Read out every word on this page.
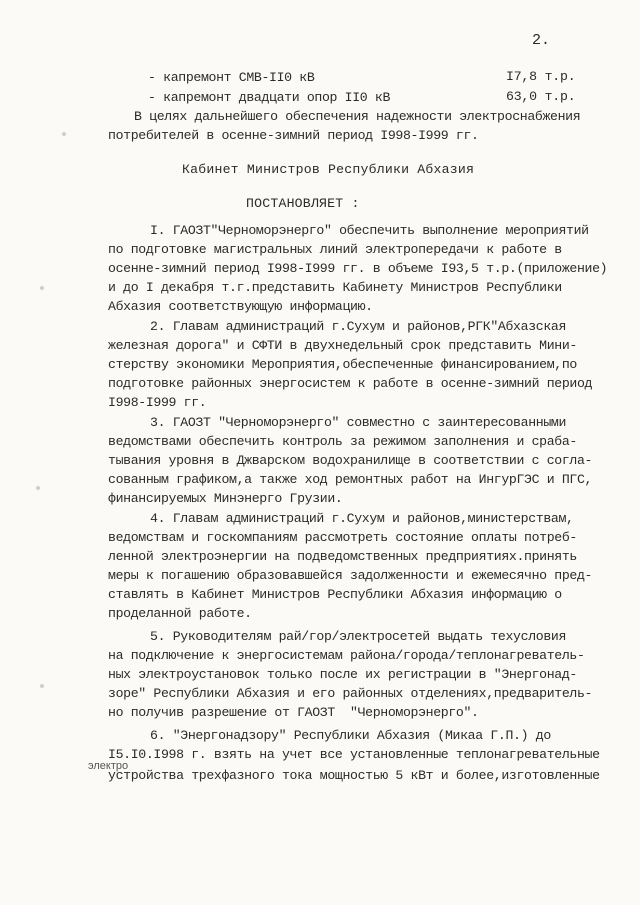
2.
- капремонт СМВ-II0 кВ	I7,8 т.р.
- капремонт двадцати опор II0 кВ	63,0 т.р.
В целях дальнейшего обеспечения надежности электроснабжения
потребителей в осенне-зимний период I998-I999 гг.
Кабинет Министров Республики Абхазия
ПОСТАНОВЛЯЕТ :
I. ГАОЗТ"Черноморэнерго" обеспечить выполнение мероприятий
по подготовке магистральных линий электропередачи к работе в
осенне-зимний период I998-I999 гг. в объеме I93,5 т.р.(приложение)
и до I декабря т.г.представить Кабинету Министров Республики
Абхазия соответствующую информацию.
2. Главам администраций г.Сухум и районов,РГК"Абхазская
железная дорога" и СФТИ в двухнедельный срок представить Мини-
стерству экономики Мероприятия,обеспеченные финансированием,по
подготовке районных энергосистем к работе в осенне-зимний период
I998-I999 гг.
3. ГАОЗТ "Черноморэнерго" совместно с заинтересованными
ведомствами обеспечить контроль за режимом заполнения и сраба-
тывания уровня в Джварском водохранилище в соответствии с согла-
сованным графиком,а также ход ремонтных работ на ИнгурГЭС и ПГС,
финансируемых Минэнерго Грузии.
4. Главам администраций г.Сухум и районов,министерствам,
ведомствам и госкомпаниям рассмотреть состояние оплаты потреб-
ленной электроэнергии на подведомственных предприятиях.принять
меры к погашению образовавшейся задолженности и ежемесячно пред-
ставлять в Кабинет Министров Республики Абхазия информацию о
проделанной работе.
5. Руководителям рай/гор/электросетей выдать техусловия
на подключение к энергосистемам района/города/теплонагреватель-
ных электроустановок только после их регистрации в "Энергонад-
зоре" Республики Абхазия и его районных отделениях,предваритель-
но получив разрешение от ГАОЗТ  "Черноморэнерго".
6. "Энергонадзору" Республики Абхазия (Микаа Г.П.) до
I5.I0.I998 г. взять на учет все установленные теплонагревательные
электро
устройства трехфазного тока мощностью 5 кВт и более,изготовленные
